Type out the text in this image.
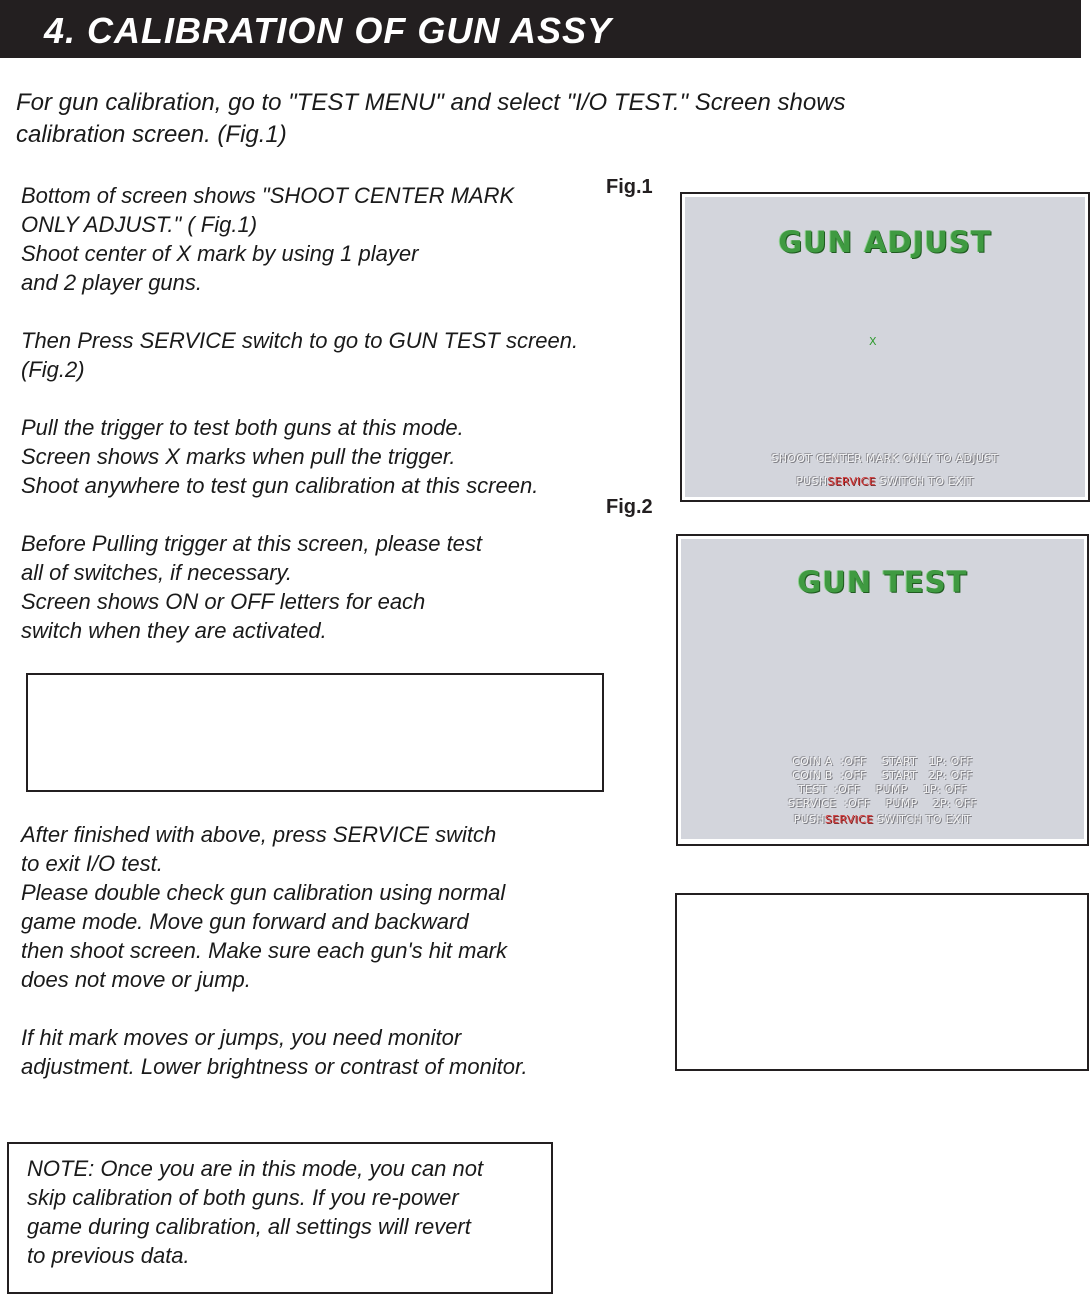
4. CALIBRATION OF GUN ASSY

For gun calibration, go to "TEST MENU" and select "I/O TEST." Screen shows
calibration screen. (Fig.1)

Bottom of screen shows "SHOOT CENTER MARK
ONLY ADJUST." ( Fig.1)
Shoot center of X mark by using 1 player
and 2 player guns.

Then Press SERVICE switch to go to GUN TEST screen.
(Fig.2)

Pull the trigger to test both guns at this mode.
Screen shows X marks when pull the trigger.
Shoot anywhere to test gun calibration at this screen.

Before Pulling trigger at this screen, please test
all of switches, if necessary.
Screen shows ON or OFF letters for each
switch when they are activated.

After finished with above, press SERVICE switch
to exit I/O test.
Please double check gun calibration using normal
game mode. Move gun forward and backward
then shoot screen. Make sure each gun's hit mark
does not move or jump.

If hit mark moves or jumps, you need monitor
adjustment. Lower brightness or contrast of monitor.

Fig.1
GUN ADJUST
X
SHOOT CENTER MARK ONLY TO ADJUST
PUSHSERVICE SWITCH TO EXIT
Fig.2
GUN TEST
COIN A  :OFF    START   1P: OFF
COIN B  :OFF    START   2P: OFF
TEST  :OFF    PUMP    1P: OFF
SERVICE  :OFF    PUMP    2P: OFF
PUSHSERVICE SWITCH TO EXIT

NOTE: Once you are in this mode, you can not
skip calibration of both guns. If you re-power
game during calibration, all settings will revert
to previous data.
